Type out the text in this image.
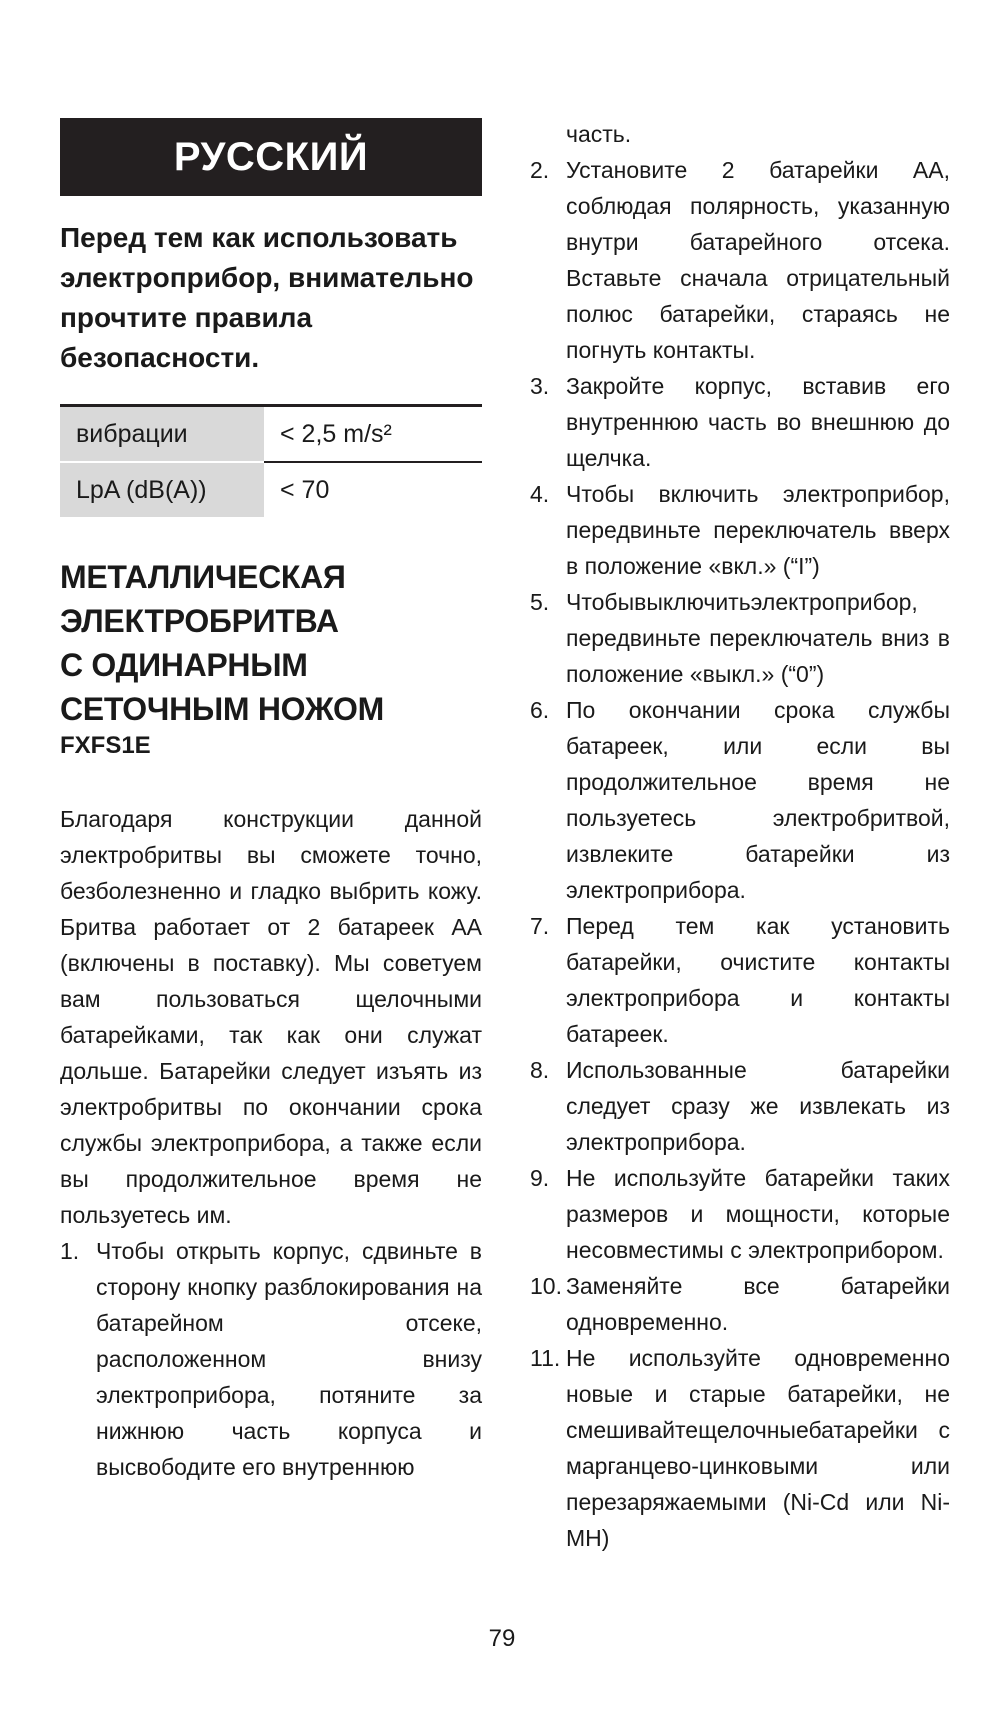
РУССКИЙ
Перед тем как использовать электроприбор, внимательно прочтите правила безопасности.
вибрации	< 2,5 m/s²
LpA (dB(A))	< 70
МЕТАЛЛИЧЕСКАЯ
ЭЛЕКТРОБРИТВА
С ОДИНАРНЫМ
СЕТОЧНЫМ НОЖОМ
FXFS1E
Благодаря конструкции данной электробритвы вы сможете точно, безболезненно и гладко выбрить кожу. Бритва работает от 2 батареек АА (включены в поставку). Мы советуем вам пользоваться щелочными батарейками, так как они служат дольше. Батарейки следует изъять из электробритвы по окончании срока службы электроприбора, а также если вы продолжительное время не пользуетесь им.
1. Чтобы открыть корпус, сдвиньте в сторону кнопку разблокирования на батарейном отсеке, расположенном внизу электроприбора, потяните за нижнюю часть корпуса и высвободите его внутреннюю
часть.
2. Установите 2 батарейки АА, соблюдая полярность, указанную внутри батарейного отсека. Вставьте сначала отрицательный полюс батарейки, стараясь не погнуть контакты.
3. Закройте корпус, вставив его внутреннюю часть во внешнюю до щелчка.
4. Чтобы включить электроприбор, передвиньте переключатель вверх в положение «вкл.» (“I”)
5. Чтобывыключитьэлектроприбор, передвиньте переключатель вниз в положение «выкл.» (“0”)
6. По окончании срока службы батареек, или если вы продолжительное время не пользуетесь электробритвой, извлеките батарейки из электроприбора.
7. Перед тем как установить батарейки, очистите контакты электроприбора и контакты батареек.
8. Использованные батарейки следует сразу же извлекать из электроприбора.
9. Не используйте батарейки таких размеров и мощности, которые несовместимы с электроприбором.
10. Заменяйте все батарейки одновременно.
11. Не используйте одновременно новые и старые батарейки, не смешивайтещелочныебатарейки с марганцево-цинковыми или перезаряжаемыми (Ni-Cd или Ni-MH)
79
